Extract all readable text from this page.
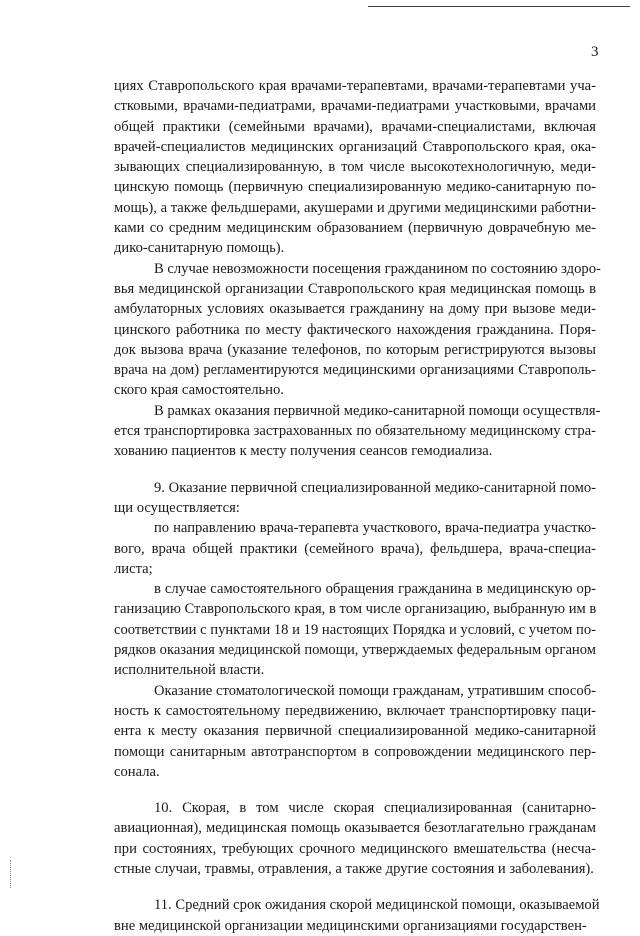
3
циях Ставропольского края врачами-терапевтами, врачами-терапевтами уча-
стковыми, врачами-педиатрами, врачами-педиатрами участковыми, врачами
общей практики (семейными врачами), врачами-специалистами, включая
врачей-специалистов медицинских организаций Ставропольского края, ока-
зывающих специализированную, в том числе высокотехнологичную, меди-
цинскую помощь (первичную специализированную медико-санитарную по-
мощь), а также фельдшерами, акушерами и другими медицинскими работни-
ками со средним медицинским образованием (первичную доврачебную ме-
дико-санитарную помощь).
В случае невозможности посещения гражданином по состоянию здоро-
вья медицинской организации Ставропольского края медицинская помощь в
амбулаторных условиях оказывается гражданину на дому при вызове меди-
цинского работника по месту фактического нахождения гражданина. Поря-
док вызова врача (указание телефонов, по которым регистрируются вызовы
врача на дом) регламентируются медицинскими организациями Ставрополь-
ского края самостоятельно.
В рамках оказания первичной медико-санитарной помощи осуществля-
ется транспортировка застрахованных по обязательному медицинскому стра-
хованию пациентов к месту получения сеансов гемодиализа.
9. Оказание первичной специализированной медико-санитарной помо-
щи осуществляется:
по направлению врача-терапевта участкового, врача-педиатра участко-
вого, врача общей практики (семейного врача), фельдшера, врача-специа-
листа;
в случае самостоятельного обращения гражданина в медицинскую ор-
ганизацию Ставропольского края, в том числе организацию, выбранную им в
соответствии с пунктами 18 и 19 настоящих Порядка и условий, с учетом по-
рядков оказания медицинской помощи, утверждаемых федеральным органом
исполнительной власти.
Оказание стоматологической помощи гражданам, утратившим способ-
ность к самостоятельному передвижению, включает транспортировку паци-
ента к месту оказания первичной специализированной медико-санитарной
помощи санитарным автотранспортом в сопровождении медицинского пер-
сонала.
10. Скорая, в том числе скорая специализированная (санитарно-
авиационная), медицинская помощь оказывается безотлагательно гражданам
при состояниях, требующих срочного медицинского вмешательства (несча-
стные случаи, травмы, отравления, а также другие состояния и заболевания).
11. Средний срок ожидания скорой медицинской помощи, оказываемой
вне медицинской организации медицинскими организациями государствен-
